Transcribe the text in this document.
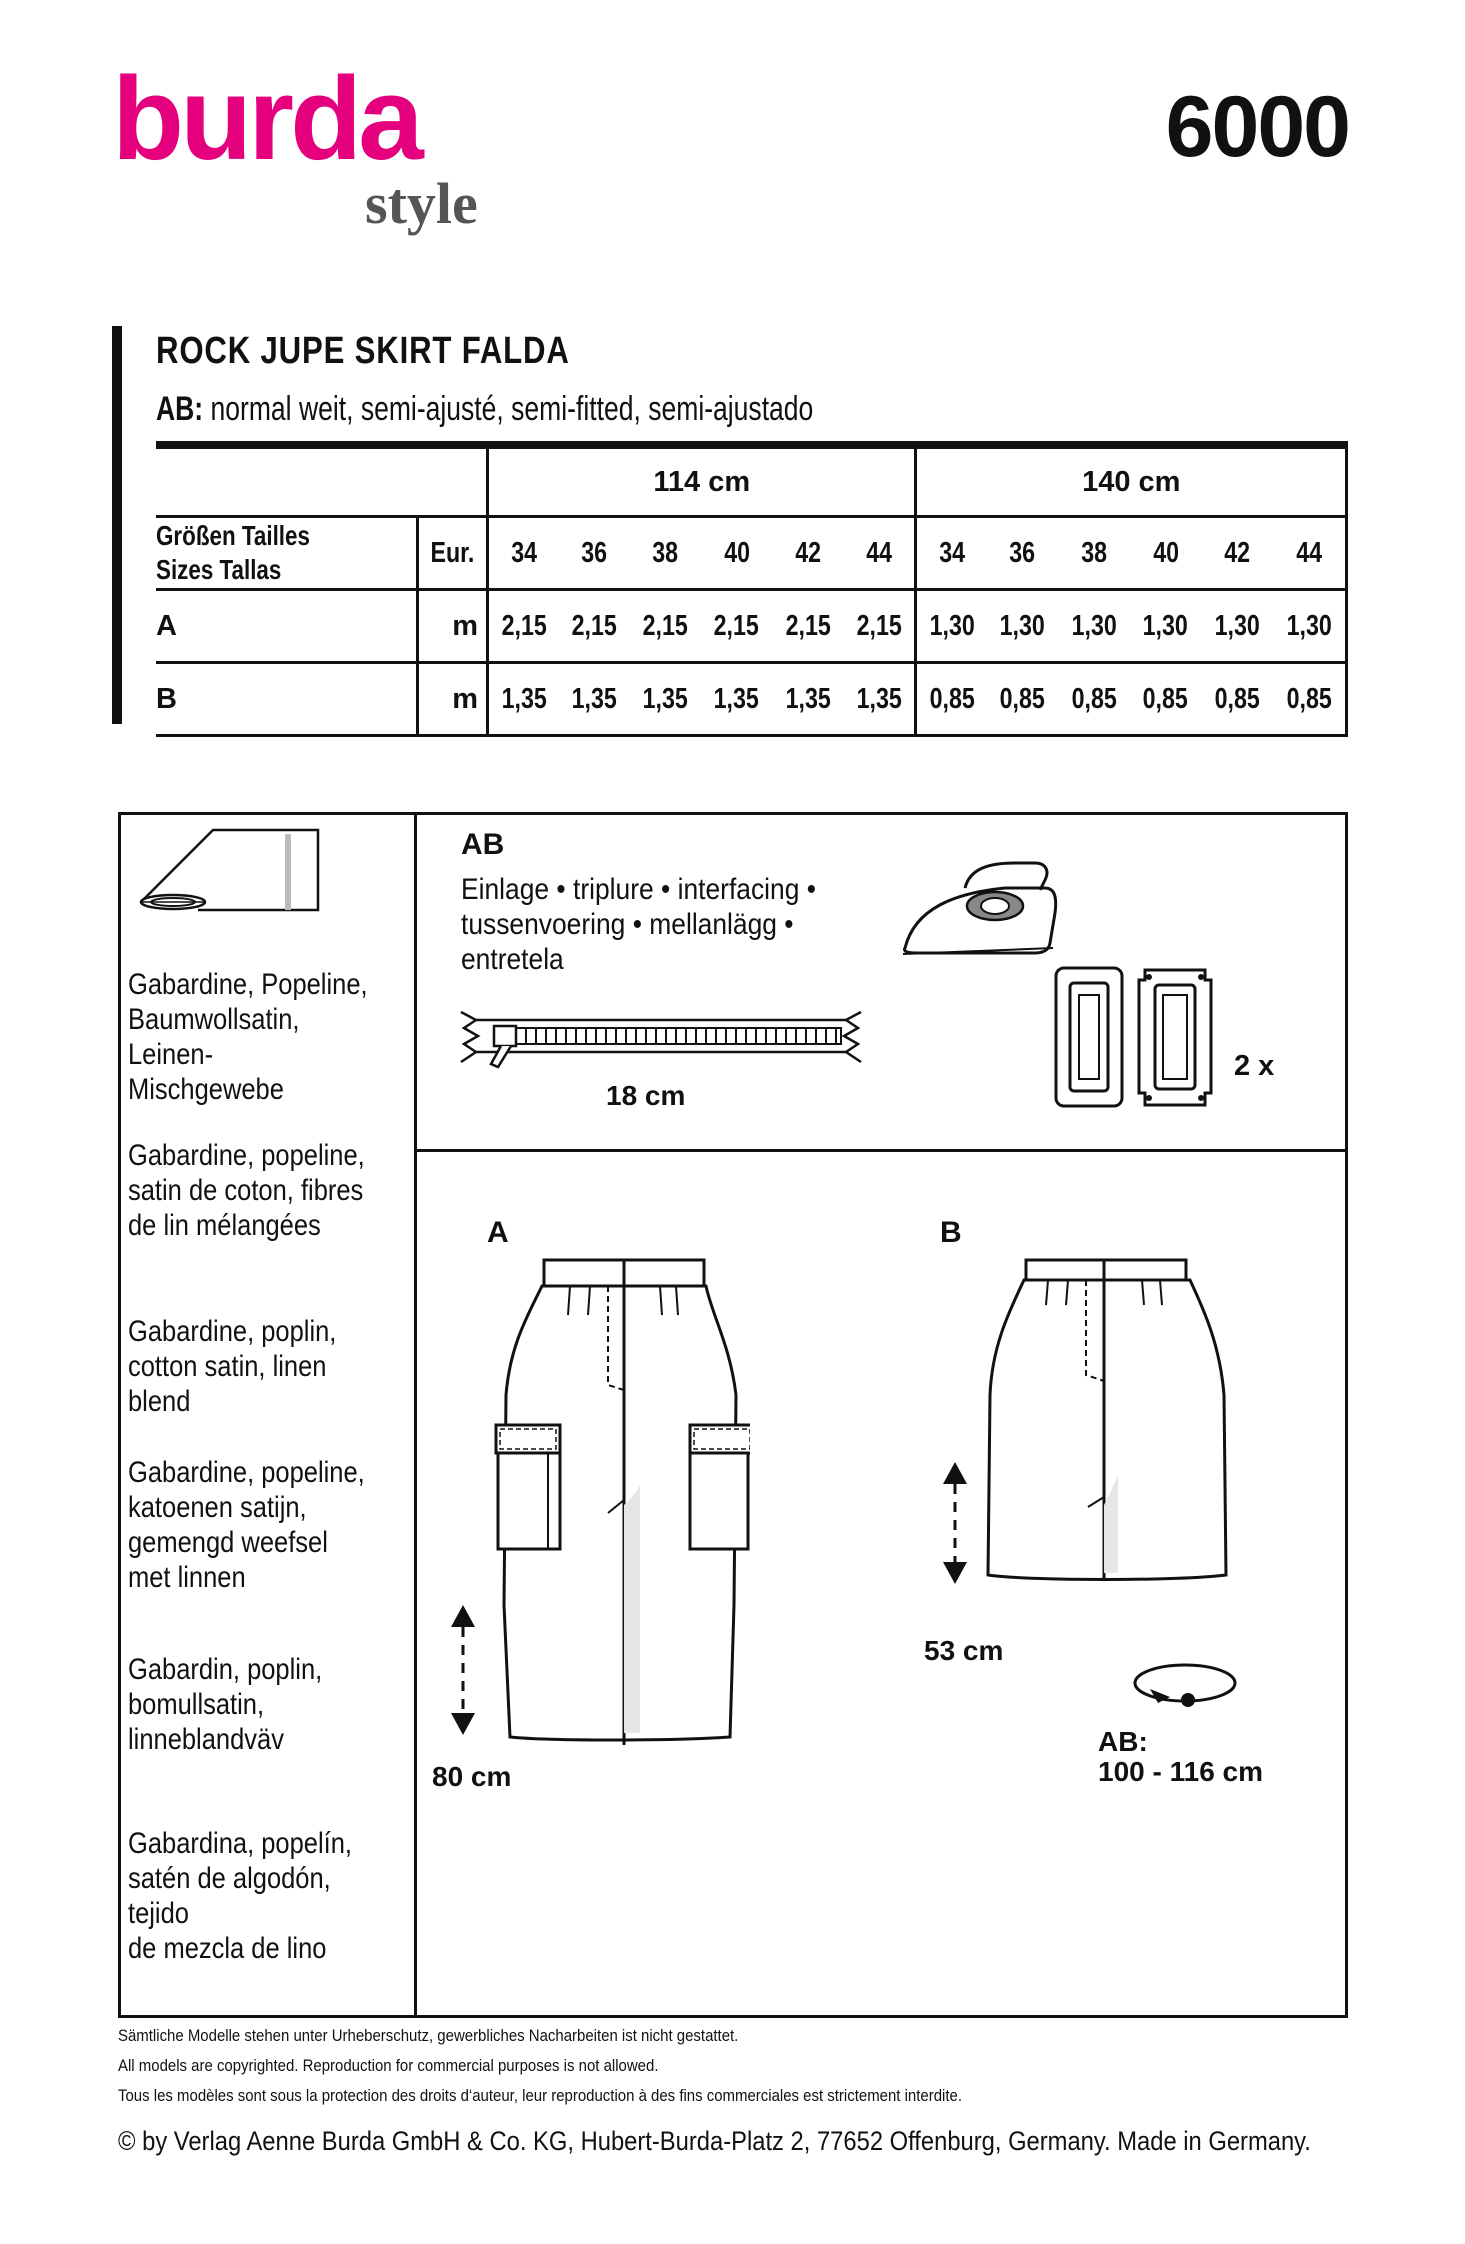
burda
style
6000
ROCK JUPE SKIRT FALDA
AB: normal weit, semi-ajusté, semi-fitted, semi-ajustado
		114 cm						140 cm					

Größen Tailles
Sizes Tallas	Eur.	34	36	38	40	42	44	34	36	38	40	42	44
A	m	2,15	2,15	2,15	2,15	2,15	2,15	1,30	1,30	1,30	1,30	1,30	1,30
B	m	1,35	1,35	1,35	1,35	1,35	1,35	0,85	0,85	0,85	0,85	0,85	0,85
Gabardine, Popeline,
Baumwollsatin, Leinen-
Mischgewebe
Gabardine, popeline,
satin de coton, fibres
de lin mélangées
Gabardine, poplin,
cotton satin, linen blend
Gabardine, popeline,
katoenen satijn,
gemengd weefsel
met linnen
Gabardin, poplin,
bomullsatin,
linneblandväv
Gabardina, popelín,
satén de algodón, tejido
de mezcla de lino
AB
Einlage • triplure • interfacing •
tussenvoering • mellanlägg •
entretela
18 cm
2 x
A
80 cm
B
53 cm
AB:
100 - 116 cm
Sämtliche Modelle stehen unter Urheberschutz, gewerbliches Nacharbeiten ist nicht gestattet.
All models are copyrighted. Reproduction for commercial purposes is not allowed.
Tous les modèles sont sous la protection des droits d‘auteur, leur reproduction à des fins commerciales est strictement interdite.
© by Verlag Aenne Burda GmbH & Co. KG, Hubert-Burda-Platz 2, 77652 Offenburg, Germany. Made in Germany.
